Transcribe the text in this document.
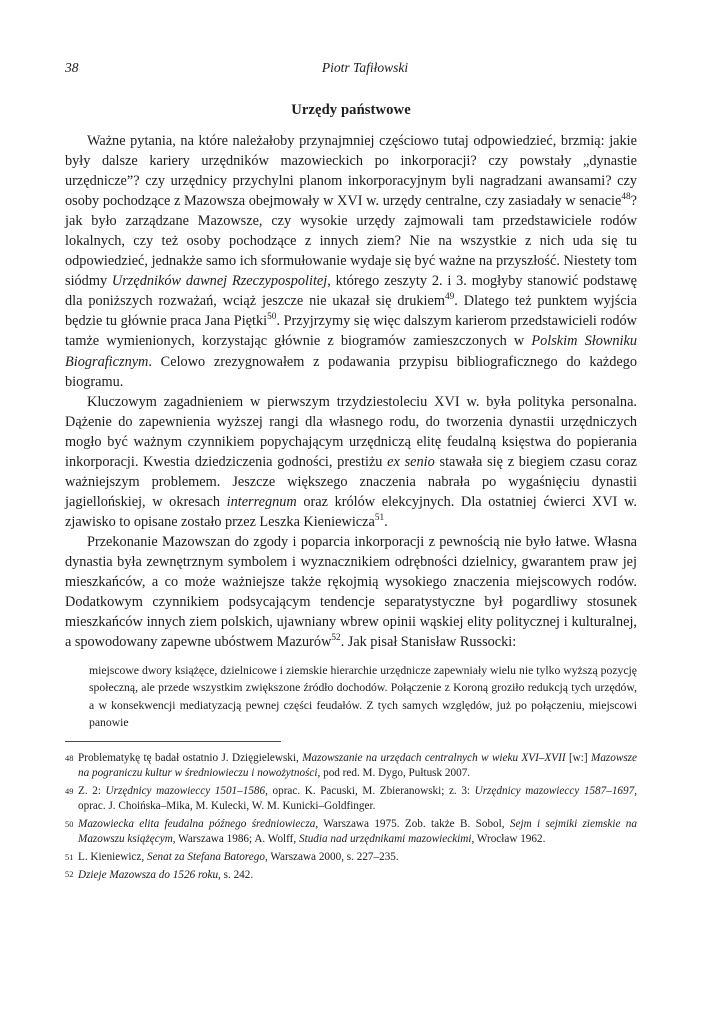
38	Piotr Tafiłowski
Urzędy państwowe

Ważne pytania, na które należałoby przynajmniej częściowo tutaj odpowiedzieć, brzmią: jakie były dalsze kariery urzędników mazowieckich po inkorporacji? czy powstały „dynastie urzędnicze”? czy urzędnicy przychylni planom inkorporacyjnym byli nagradzani awansami? czy osoby pochodzące z Mazowsza obejmowały w XVI w. urzędy centralne, czy zasiadały w senacie$^{48}$? jak było zarządzane Mazowsze, czy wysokie urzędy zajmowali tam przedstawiciele rodów lokalnych, czy też osoby pochodzące z innych ziem? Nie na wszystkie z nich uda się tu odpowiedzieć, jednakże samo ich sformułowanie wydaje się być ważne na przyszłość. Niestety tom siódmy Urzędników dawnej Rzeczypospolitej, którego zeszyty 2. i 3. mogłyby stanowić podstawę dla poniższych rozważań, wciąż jeszcze nie ukazał się drukiem$^{49}$. Dlatego też punktem wyjścia będzie tu głównie praca Jana Piętki$^{50}$. Przyjrzymy się więc dalszym karierom przedstawicieli rodów tamże wymienionych, korzystając głównie z biogramów zamieszczonych w Polskim Słowniku Biograficznym. Celowo zrezygnowałem z podawania przypisu bibliograficznego do każdego biogramu.

Kluczowym zagadnieniem w pierwszym trzydziestoleciu XVI w. była polityka personalna. Dążenie do zapewnienia wyższej rangi dla własnego rodu, do tworzenia dynastii urzędniczych mogło być ważnym czynnikiem popychającym urzędniczą elitę feudalną księstwa do popierania inkorporacji. Kwestia dziedziczenia godności, prestiżu ex senio stawała się z biegiem czasu coraz ważniejszym problemem. Jeszcze większego znaczenia nabrała po wygaśnięciu dynastii jagiellońskiej, w okresach interregnum oraz królów elekcyjnych. Dla ostatniej ćwierci XVI w. zjawisko to opisane zostało przez Leszka Kieniewicza$^{51}$.

Przekonanie Mazowszan do zgody i poparcia inkorporacji z pewnością nie było łatwe. Własna dynastia była zewnętrznym symbolem i wyznacznikiem odrębności dzielnicy, gwarantem praw jej mieszkańców, a co może ważniejsze także rękojmią wysokiego znaczenia miejscowych rodów. Dodatkowym czynnikiem podsycającym tendencje separatystyczne był pogardliwy stosunek mieszkańców innych ziem polskich, ujawniany wbrew opinii wąskiej elity politycznej i kulturalnej, a spowodowany zapewne ubóstwem Mazurów$^{52}$. Jak pisał Stanisław Russocki:

miejscowe dwory książęce, dzielnicowe i ziemskie hierarchie urzędnicze zapewniały wielu nie tylko wyższą pozycję społeczną, ale przede wszystkim zwiększone źródło dochodów. Połączenie z Koroną groziło redukcją tych urzędów, a w konsekwencji mediatyzacją pewnej części feudałów. Z tych samych względów, już po połączeniu, miejscowi panowie

48 Problematykę tę badał ostatnio J. Dzięgielewski, Mazowszanie na urzędach centralnych w wieku XVI–XVII [w:] Mazowsze na pograniczu kultur w średniowieczu i nowożytności, pod red. M. Dygo, Pułtusk 2007.
49 Z. 2: Urzędnicy mazowieccy 1501–1586, oprac. K. Pacuski, M. Zbieranowski; z. 3: Urzędnicy mazowieccy 1587–1697, oprac. J. Choińska–Mika, M. Kulecki, W. M. Kunicki–Goldfinger.
50 Mazowiecka elita feudalna późnego średniowiecza, Warszawa 1975. Zob. także B. Sobol, Sejm i sejmiki ziemskie na Mazowszu książęcym, Warszawa 1986; A. Wolff, Studia nad urzędnikami mazowieckimi, Wrocław 1962.
51 L. Kieniewicz, Senat za Stefana Batorego, Warszawa 2000, s. 227–235.
52 Dzieje Mazowsza do 1526 roku, s. 242.
